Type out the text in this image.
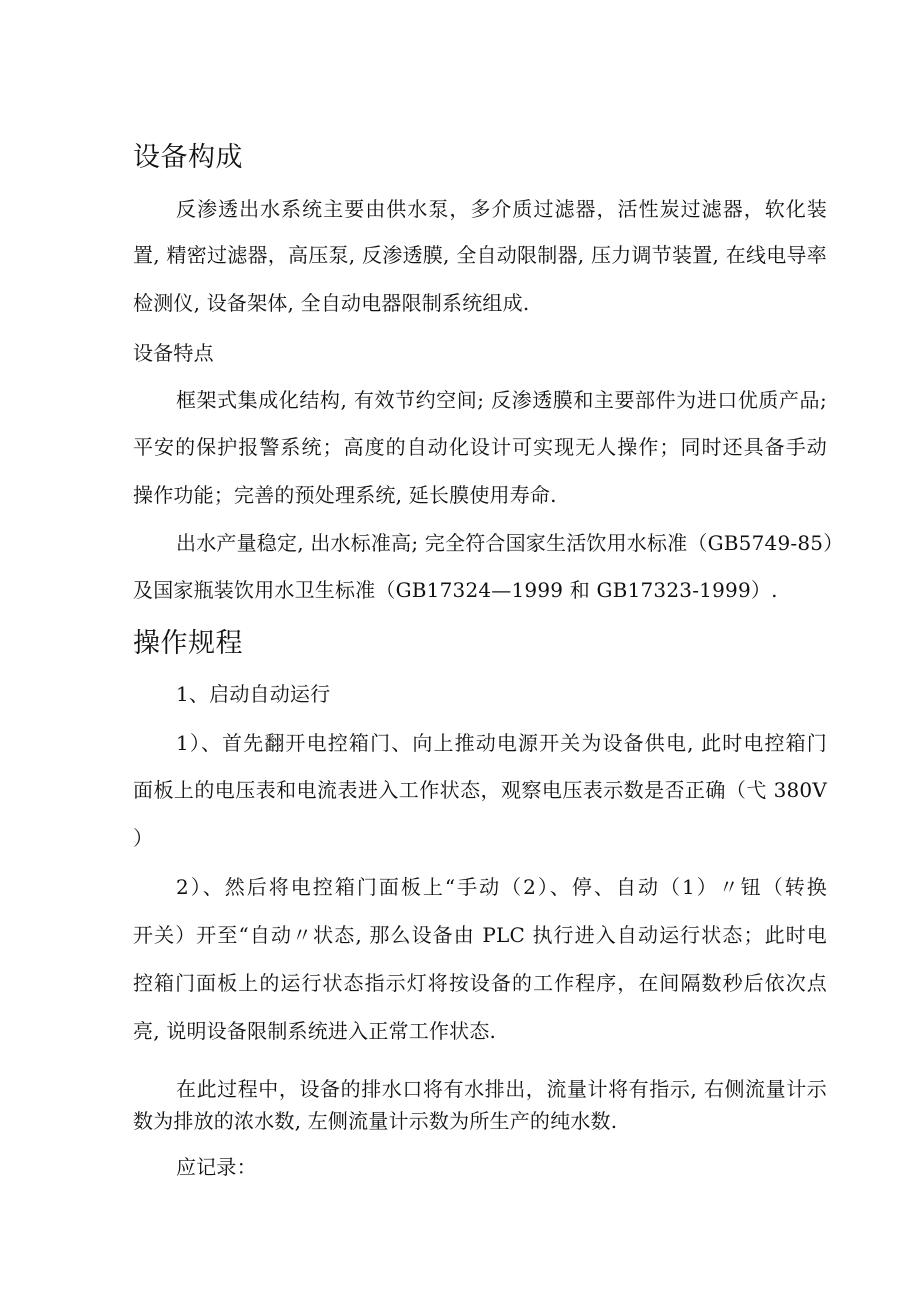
设备构成
反渗透出水系统主要由供水泵，多介质过滤器，活性炭过滤器，软化装
置, 精密过滤器，高压泵, 反渗透膜, 全自动限制器, 压力调节装置, 在线电导率
检测仪, 设备架体, 全自动电器限制系统组成.
设备特点
框架式集成化结构, 有效节约空间; 反渗透膜和主要部件为进口优质产品;
平安的保护报警系统；高度的自动化设计可实现无人操作；同时还具备手动
操作功能；完善的预处理系统, 延长膜使用寿命.
出水产量稳定, 出水标准高; 完全符合国家生活饮用水标准（GB5749-85）
及国家瓶装饮用水卫生标准（GB17324—1999 和 GB17323-1999）.
操作规程
1、启动自动运行
1）、首先翻开电控箱门、向上推动电源开关为设备供电, 此时电控箱门
面板上的电压表和电流表进入工作状态，观察电压表示数是否正确（弋 380V
）
2）、然后将电控箱门面板上“手动（2）、停、自动（1）〃钮（转换
开关）开至“自动〃状态, 那么设备由 PLC 执行进入自动运行状态；此时电
控箱门面板上的运行状态指示灯将按设备的工作程序，在间隔数秒后依次点
亮, 说明设备限制系统进入正常工作状态.
在此过程中，设备的排水口将有水排出，流量计将有指示, 右侧流量计示
数为排放的浓水数, 左侧流量计示数为所生产的纯水数.
应记录：
